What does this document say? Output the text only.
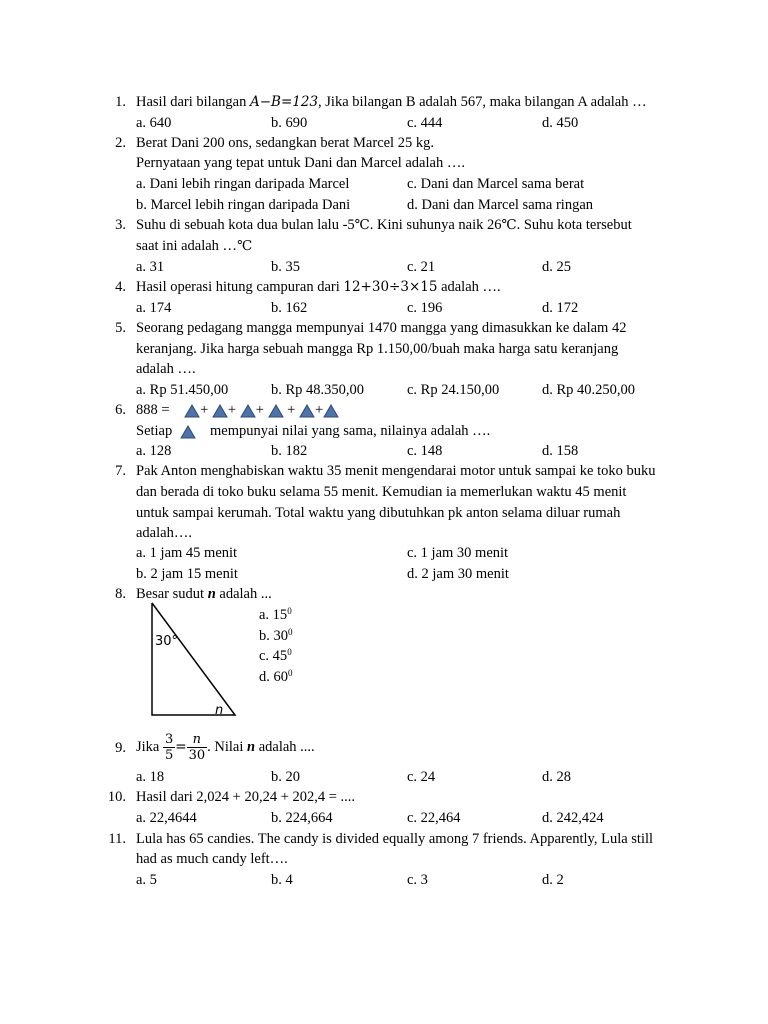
1. Hasil dari bilangan A−B=123, Jika bilangan B adalah 567, maka bilangan A adalah …
a. 640	b. 690	c. 444	d. 450
2. Berat Dani 200 ons, sedangkan berat Marcel 25 kg.
Pernyataan yang tepat untuk Dani dan Marcel adalah ….
a. Dani lebih ringan daripada Marcel	c. Dani dan Marcel sama berat
b. Marcel lebih ringan daripada Dani	d. Dani dan Marcel sama ringan
3. Suhu di sebuah kota dua bulan lalu -5℃. Kini suhunya naik 26℃. Suhu kota tersebut
saat ini adalah …℃
a. 31	b. 35	c. 21	d. 25
4. Hasil operasi hitung campuran dari 12+30÷3×15 adalah ….
a. 174	b. 162	c. 196	d. 172
5. Seorang pedagang mangga mempunyai 1470 mangga yang dimasukkan ke dalam 42
keranjang. Jika harga sebuah mangga Rp 1.150,00/buah maka harga satu keranjang
adalah ….
a. Rp 51.450,00	b. Rp 48.350,00	c. Rp 24.150,00	d. Rp 40.250,00
6. 888 = + + + + +
Setiap	mempunyai nilai yang sama, nilainya adalah ….
a. 128	b. 182	c. 148	d. 158
7. Pak Anton menghabiskan waktu 35 menit mengendarai motor untuk sampai ke toko buku
dan berada di toko buku selama 55 menit. Kemudian ia memerlukan waktu 45 menit
untuk sampai kerumah. Total waktu yang dibutuhkan pk anton selama diluar rumah
adalah….
a. 1 jam 45 menit	c. 1 jam 30 menit
b. 2 jam 15 menit	d. 2 jam 30 menit
8. Besar sudut n adalah ...
30°
n
a. $15^0$
b. $30^0$
c. $45^0$
d. $60^0$
9. Jika $\frac{3}{5} = \frac{n}{30}$ . Nilai n adalah ....
a. 18	b. 20	c. 24	d. 28
10. Hasil dari 2,024 + 20,24 + 202,4 = ....
a. 22,4644	b. 224,664	c. 22,464	d. 242,424
11. Lula has 65 candies. The candy is divided equally among 7 friends. Apparently, Lula still
had as much candy left….
a. 5	b. 4	c. 3	d. 2
